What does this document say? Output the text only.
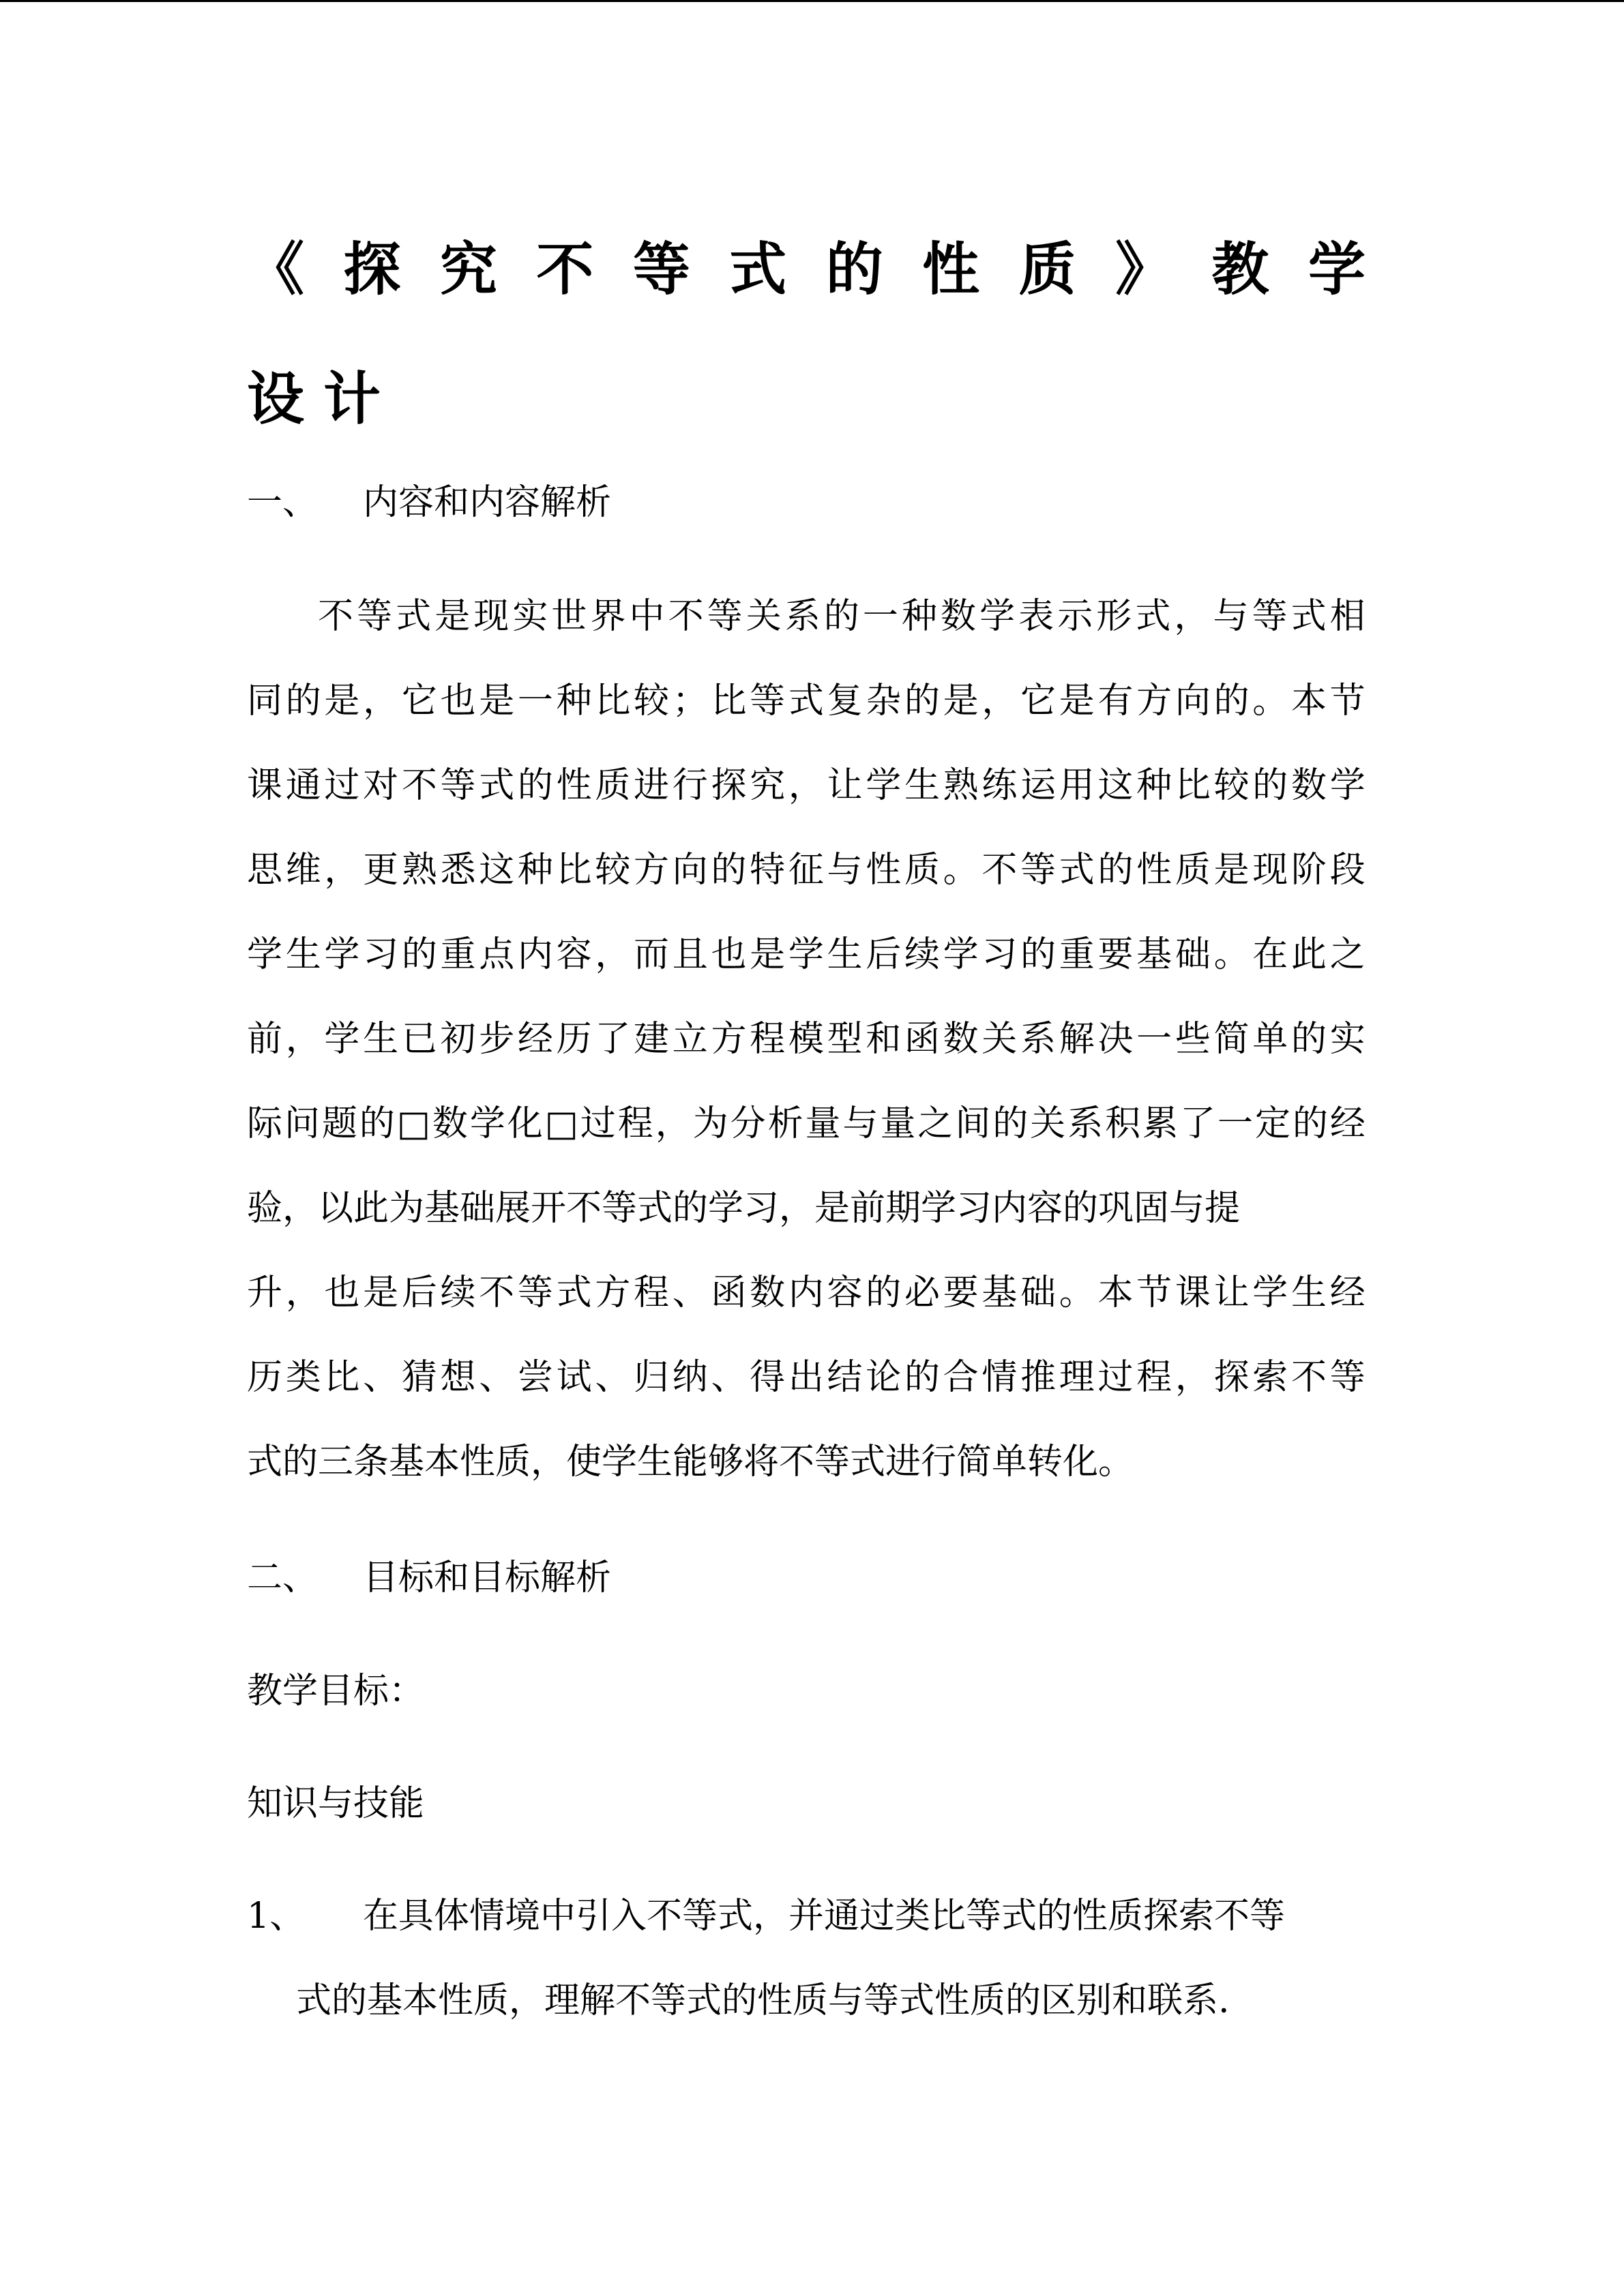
《 探 究 不 等 式 的 性 质 》 教 学
设计
一、 内容和内容解析
不 等 式 是 现 实 世 界 中 不 等 关 系 的 一 种 数 学 表 示 形 式 ， 与 等 式 相
同 的 是 ， 它 也 是 一 种 比 较 ； 比 等 式 复 杂 的 是 ， 它 是 有 方 向 的 。 本 节
课 通 过 对 不 等 式 的 性 质 进 行 探 究 ， 让 学 生 熟 练 运 用 这 种 比 较 的 数 学
思 维 ， 更 熟 悉 这 种 比 较 方 向 的 特 征 与 性 质 。 不 等 式 的 性 质 是 现 阶 段
学 生 学 习 的 重 点 内 容 ， 而 且 也 是 学 生 后 续 学 习 的 重 要 基 础 。 在 此 之
前 ， 学 生 已 初 步 经 历 了 建 立 方 程 模 型 和 函 数 关 系 解 决 一 些 简 单 的 实
际 问 题 的 □ 数 学 化 □ 过 程 ， 为 分 析 量 与 量 之 间 的 关 系 积 累 了 一 定 的 经
验，以此为基础展开不等式的学习，是前期学习内容的巩固与提
升 ， 也 是 后 续 不 等 式 方 程 、 函 数 内 容 的 必 要 基 础 。 本 节 课 让 学 生 经
历 类 比 、 猜 想 、 尝 试 、 归 纳 、 得 出 结 论 的 合 情 推 理 过 程 ， 探 索 不 等
式的三条基本性质，使学生能够将不等式进行简单转化。
二、 目标和目标解析
教学目标：
知识与技能
1、 在具体情境中引入不等式，并通过类比等式的性质探索不等
式的基本性质，理解不等式的性质与等式性质的区别和联系.
